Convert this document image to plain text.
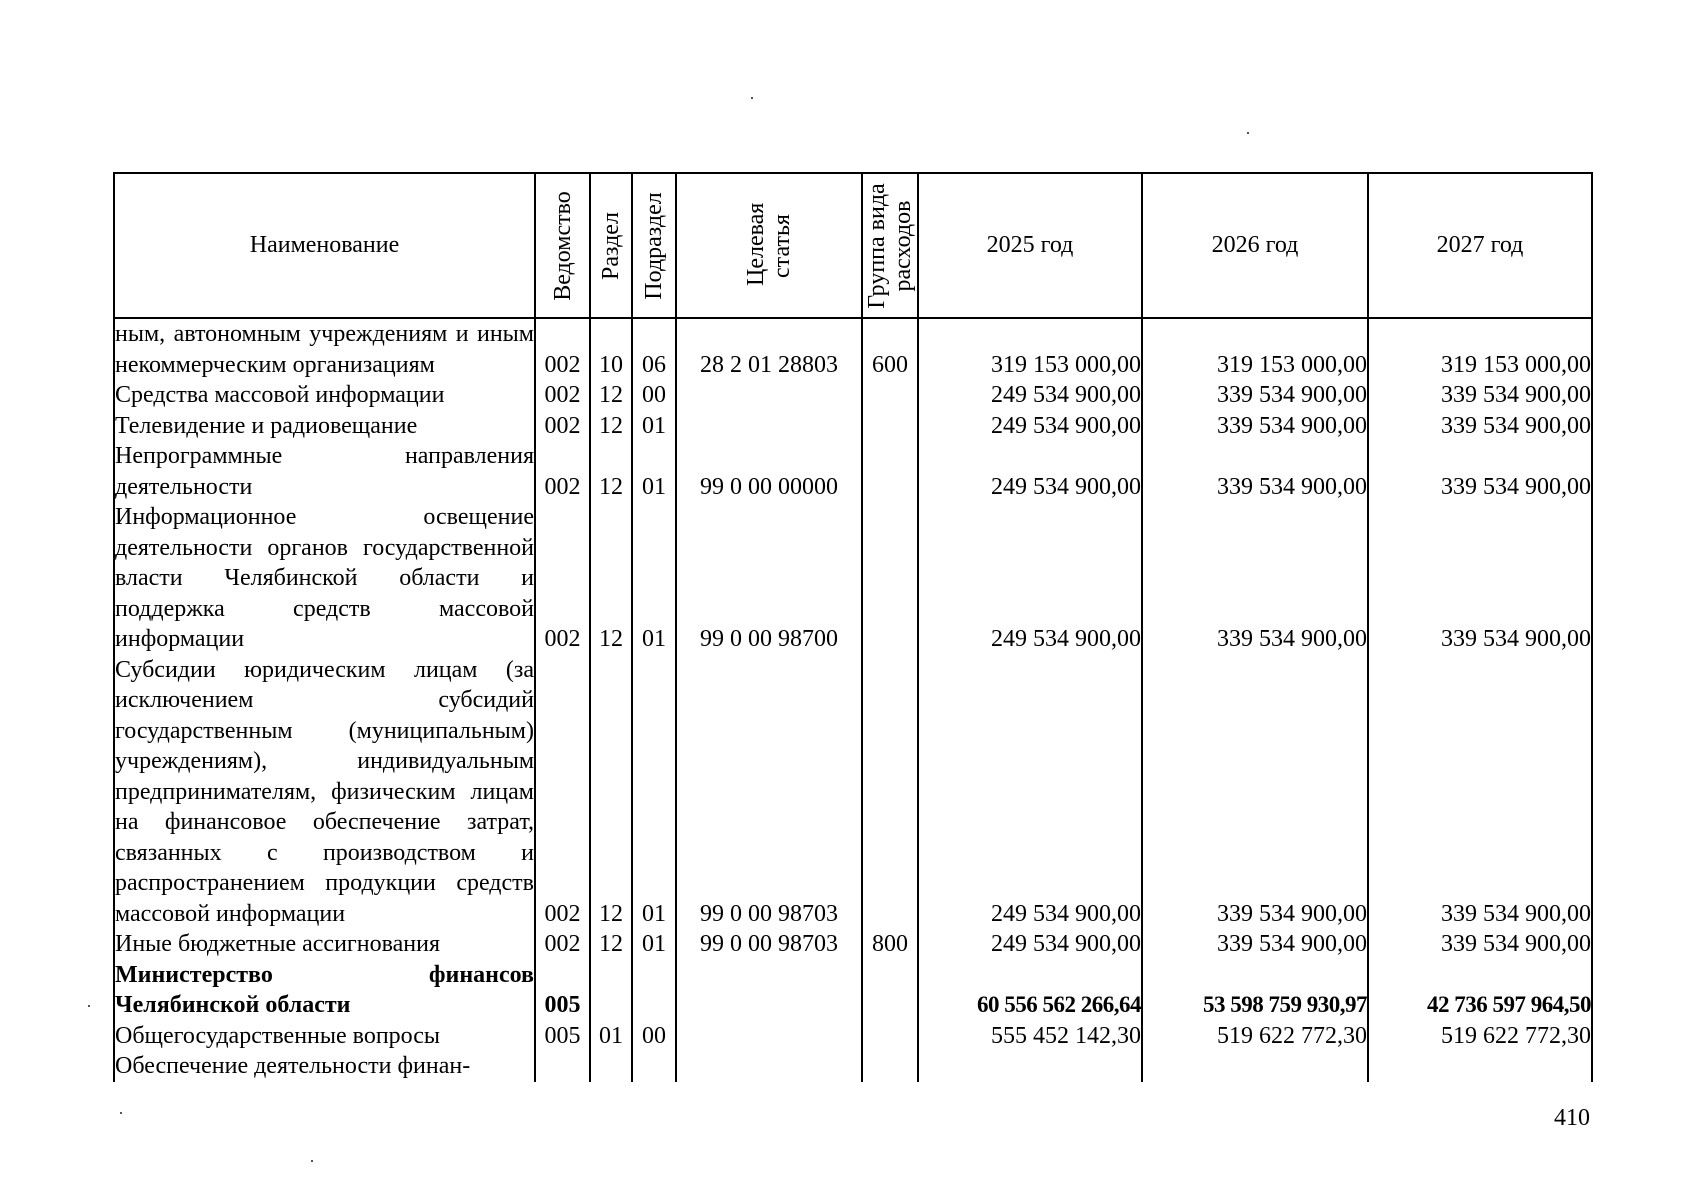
Наименование	Ведомство	Раздел	Подраздел	Целевая статья	Группа вида расходов	2025 год	2026 год	2027 год
ным, автономным учреждениям и иным некоммерческим организациям	002	10	06	28 2 01 28803	600	319 153 000,00	319 153 000,00	319 153 000,00
Средства массовой информации	002	12	00			249 534 900,00	339 534 900,00	339 534 900,00
Телевидение и радиовещание	002	12	01			249 534 900,00	339 534 900,00	339 534 900,00
Непрограммные направления деятельности	002	12	01	99 0 00 00000		249 534 900,00	339 534 900,00	339 534 900,00
Информационное освещение деятельности органов государственной власти Челябинской области и поддержка средств массовой информации	002	12	01	99 0 00 98700		249 534 900,00	339 534 900,00	339 534 900,00
Субсидии юридическим лицам (за исключением субсидий государственным (муниципальным) учреждениям), индивидуальным предпринимателям, физическим лицам на финансовое обеспечение затрат, связанных с производством и распространением продукции средств массовой информации	002	12	01	99 0 00 98703		249 534 900,00	339 534 900,00	339 534 900,00
Иные бюджетные ассигнования	002	12	01	99 0 00 98703	800	249 534 900,00	339 534 900,00	339 534 900,00
Министерство финансов Челябинской области	005					60 556 562 266,64	53 598 759 930,97	42 736 597 964,50
Общегосударственные вопросы	005	01	00			555 452 142,30	519 622 772,30	519 622 772,30
Обеспечение деятельности финан-								
410
